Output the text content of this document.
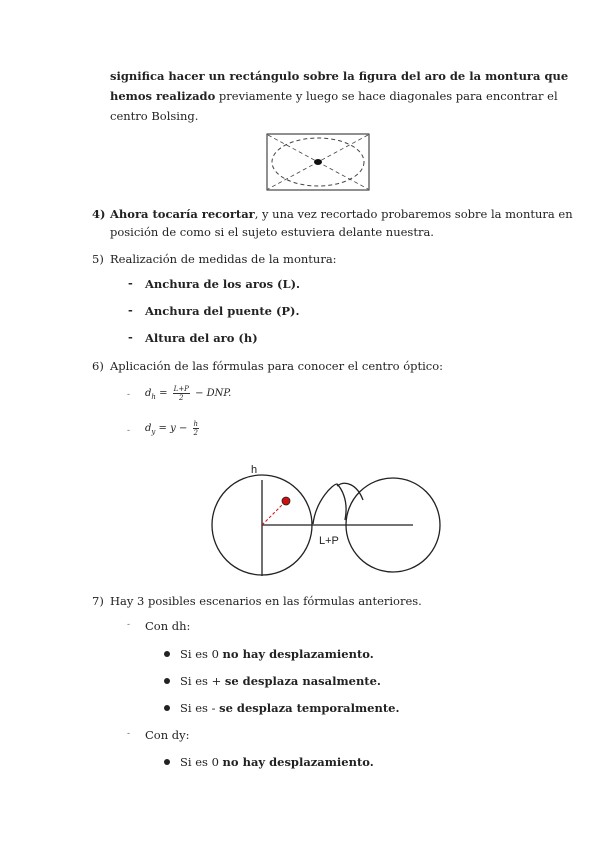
significa hacer un rectángulo sobre la figura del aro de la montura que
hemos realizado previamente y luego se hace diagonales para encontrar el
centro Bolsing.
4) Ahora tocaría recortar, y una vez recortado probaremos sobre la montura en
posición de como si el sujeto estuviera delante nuestra.
5) Realización de medidas de la montura:
- Anchura de los aros (L).
- Anchura del puente (P).
- Altura del aro (h)
6) Aplicación de las fórmulas para conocer el centro óptico:
- $d_h = \frac{L+P}{2}$ − DNP.
- $d_y = y - \frac{h}{2}$
h
L+P
7) Hay 3 posibles escenarios en las fórmulas anteriores.
- Con dh:
Si es 0 no hay desplazamiento.
Si es + se desplaza nasalmente.
Si es - se desplaza temporalmente.
- Con dy:
Si es 0 no hay desplazamiento.
